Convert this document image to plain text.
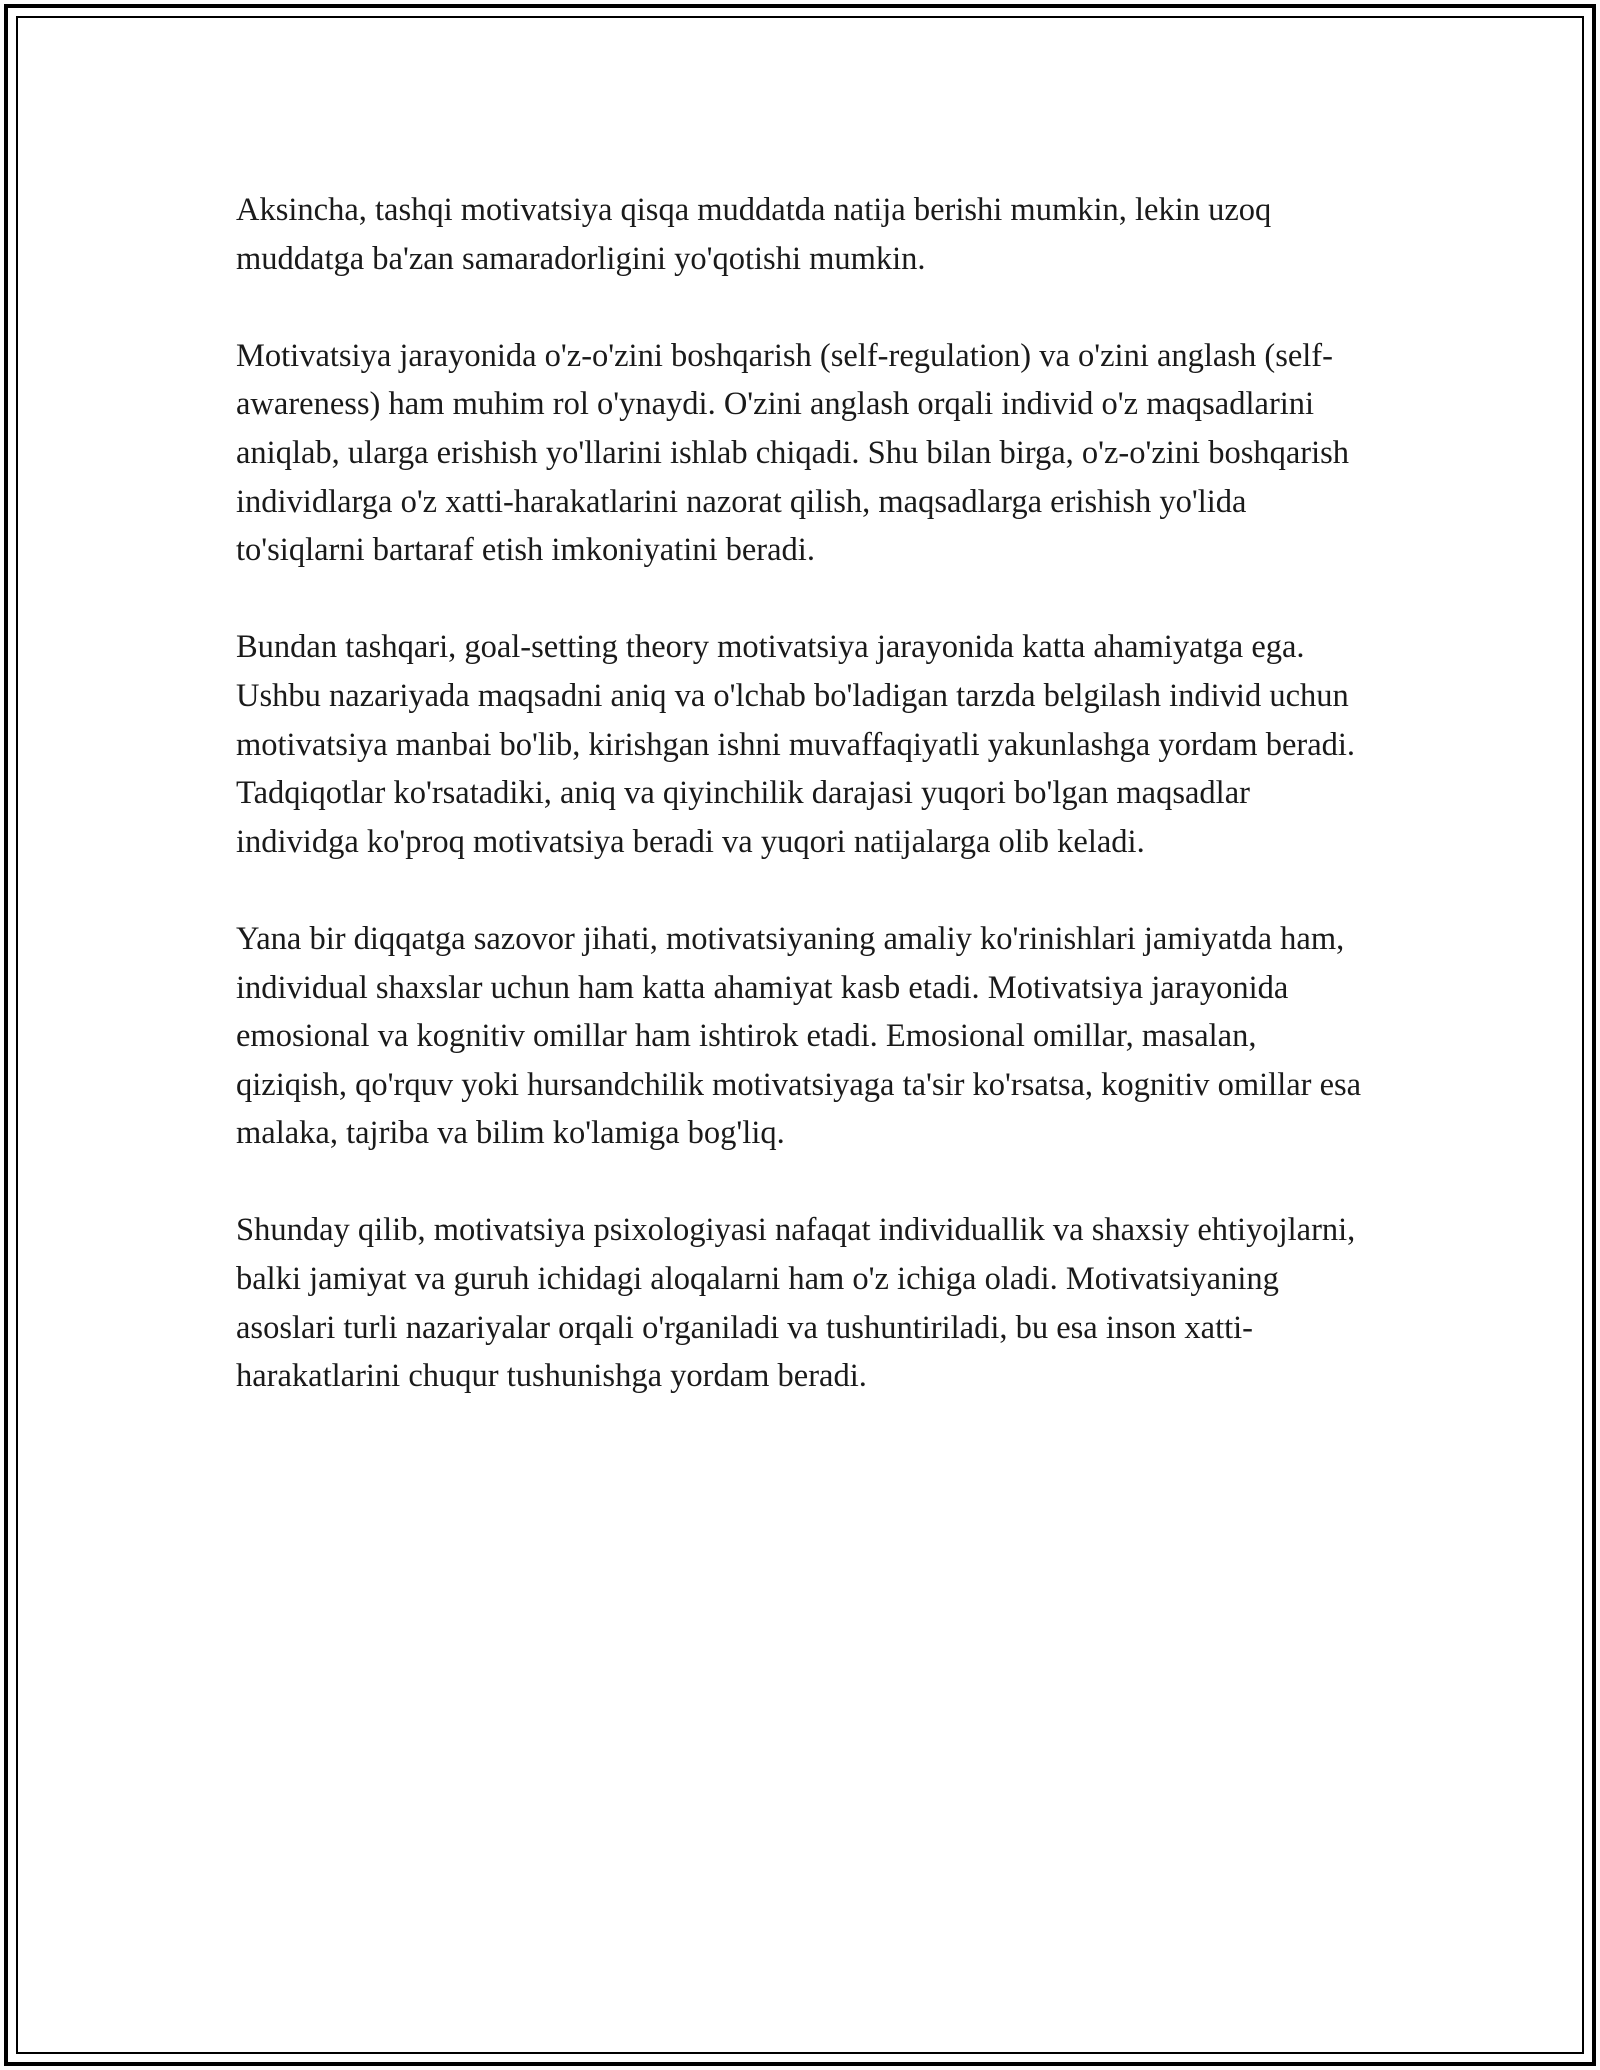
Aksincha, tashqi motivatsiya qisqa muddatda natija berishi mumkin, lekin uzoq muddatga ba'zan samaradorligini yo'qotishi mumkin.

Motivatsiya jarayonida o'z-o'zini boshqarish (self-regulation) va o'zini anglash (self-awareness) ham muhim rol o'ynaydi. O'zini anglash orqali individ o'z maqsadlarini aniqlab, ularga erishish yo'llarini ishlab chiqadi. Shu bilan birga, o'z-o'zini boshqarish individlarga o'z xatti-harakatlarini nazorat qilish, maqsadlarga erishish yo'lida to'siqlarni bartaraf etish imkoniyatini beradi.

Bundan tashqari, goal-setting theory motivatsiya jarayonida katta ahamiyatga ega. Ushbu nazariyada maqsadni aniq va o'lchab bo'ladigan tarzda belgilash individ uchun motivatsiya manbai bo'lib, kirishgan ishni muvaffaqiyatli yakunlashga yordam beradi. Tadqiqotlar ko'rsatadiki, aniq va qiyinchilik darajasi yuqori bo'lgan maqsadlar individga ko'proq motivatsiya beradi va yuqori natijalarga olib keladi.

Yana bir diqqatga sazovor jihati, motivatsiyaning amaliy ko'rinishlari jamiyatda ham, individual shaxslar uchun ham katta ahamiyat kasb etadi. Motivatsiya jarayonida emosional va kognitiv omillar ham ishtirok etadi. Emosional omillar, masalan, qiziqish, qo'rquv yoki hursandchilik motivatsiyaga ta'sir ko'rsatsa, kognitiv omillar esa malaka, tajriba va bilim ko'lamiga bog'liq.

Shunday qilib, motivatsiya psixologiyasi nafaqat individuallik va shaxsiy ehtiyojlarni, balki jamiyat va guruh ichidagi aloqalarni ham o'z ichiga oladi. Motivatsiyaning asoslari turli nazariyalar orqali o'rganiladi va tushuntiriladi, bu esa inson xatti-harakatlarini chuqur tushunishga yordam beradi.
